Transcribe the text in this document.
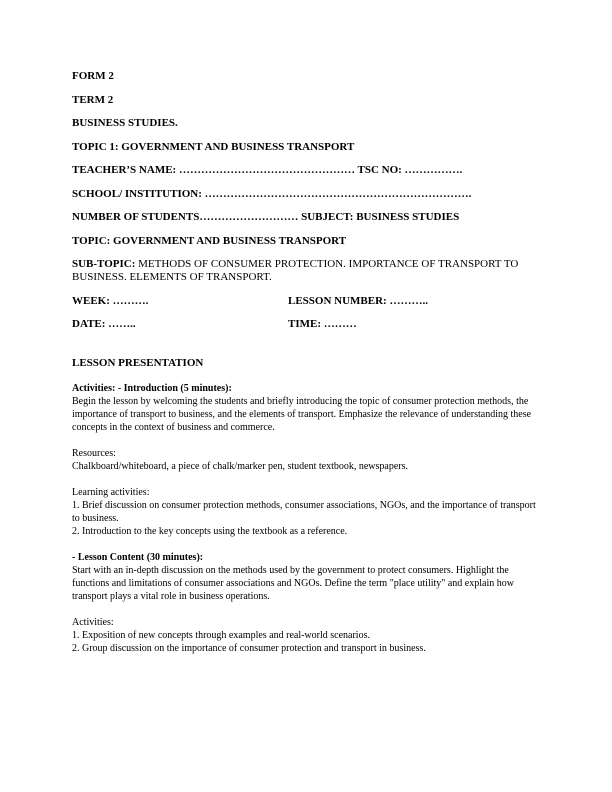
FORM 2
TERM 2
BUSINESS STUDIES.
TOPIC 1: GOVERNMENT AND BUSINESS TRANSPORT
TEACHER’S NAME: ………………………………………… TSC NO: …………….
SCHOOL/ INSTITUTION: ……………………………………………………………….
NUMBER OF STUDENTS……………………… SUBJECT: BUSINESS STUDIES
TOPIC: GOVERNMENT AND BUSINESS TRANSPORT
SUB-TOPIC: METHODS OF CONSUMER PROTECTION. IMPORTANCE OF TRANSPORT TO BUSINESS. ELEMENTS OF TRANSPORT.
WEEK: ……….	LESSON NUMBER: ………..
DATE: ……..	TIME: ………
LESSON PRESENTATION

Activities: - Introduction (5 minutes):

Begin the lesson by welcoming the students and briefly introducing the topic of consumer protection methods, the importance of transport to business, and the elements of transport. Emphasize the relevance of understanding these concepts in the context of business and commerce.

Resources:

Chalkboard/whiteboard, a piece of chalk/marker pen, student textbook, newspapers.

Learning activities:

1. Brief discussion on consumer protection methods, consumer associations, NGOs, and the importance of transport to business.

2. Introduction to the key concepts using the textbook as a reference.

- Lesson Content (30 minutes):

Start with an in-depth discussion on the methods used by the government to protect consumers. Highlight the functions and limitations of consumer associations and NGOs. Define the term "place utility" and explain how transport plays a vital role in business operations.

Activities:

1. Exposition of new concepts through examples and real-world scenarios.

2. Group discussion on the importance of consumer protection and transport in business.
